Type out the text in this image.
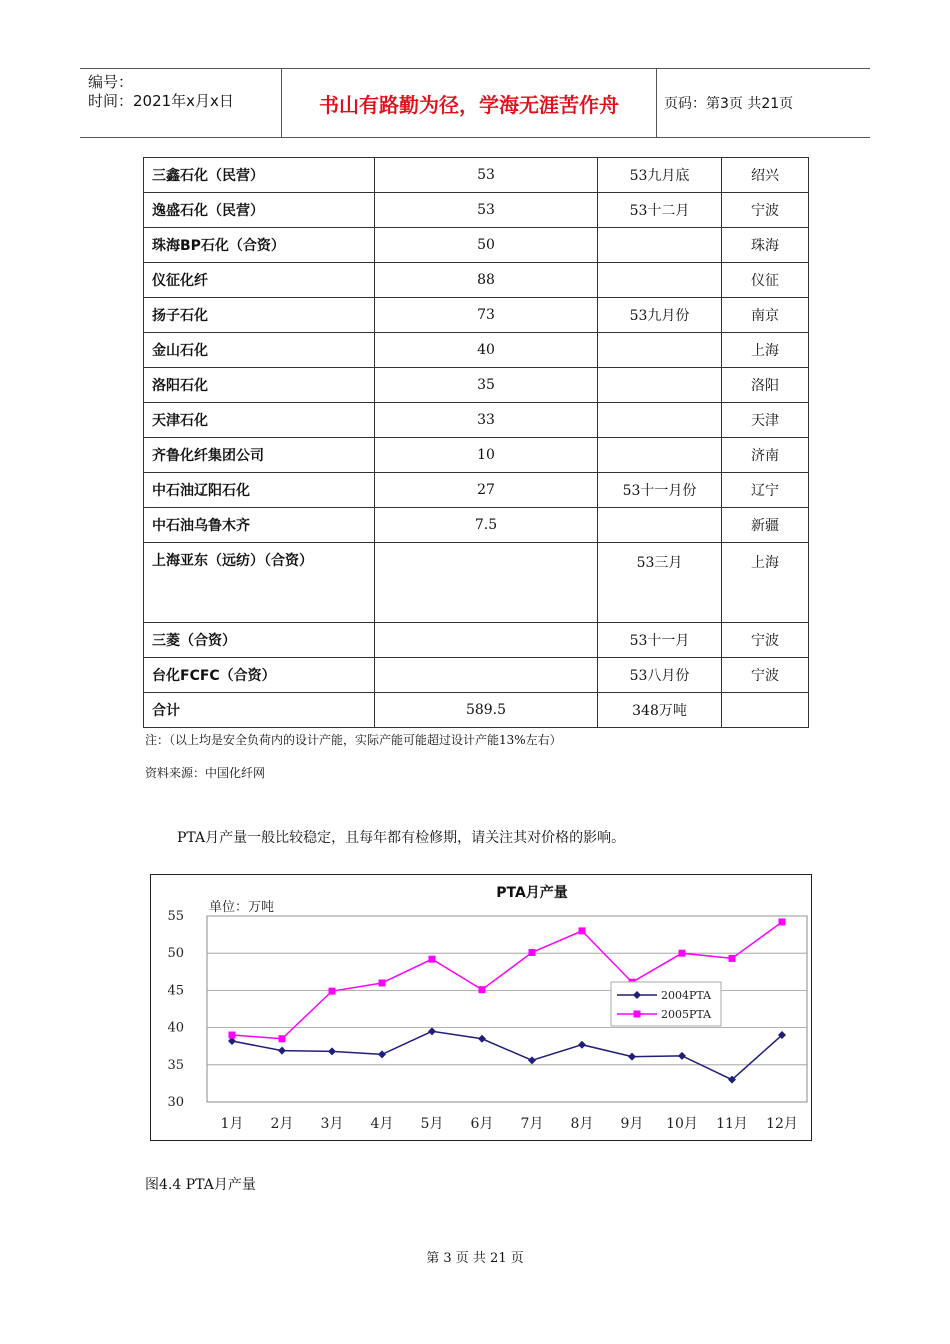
编号：
时间：2021年x月x日	书山有路勤为径，学海无涯苦作舟	页码：第3页 共21页
三鑫石化（民营）	53	53九月底	绍兴
逸盛石化（民营）	53	53十二月	宁波
珠海BP石化（合资）	50		珠海
仪征化纤	88		仪征
扬子石化	73	53九月份	南京
金山石化	40		上海
洛阳石化	35		洛阳
天津石化	33		天津
齐鲁化纤集团公司	10		济南
中石油辽阳石化	27	53十一月份	辽宁
中石油乌鲁木齐	7.5		新疆
上海亚东（远纺）（合资）		53三月	上海
三菱（合资）		53十一月	宁波
台化FCFC（合资）		53八月份	宁波
合计	589.5	348万吨	
注：（以上均是安全负荷内的设计产能，实际产能可能超过设计产能13%左右）
资料来源：中国化纤网
PTA月产量一般比较稳定，且每年都有检修期，请关注其对价格的影响。
30
35
40
45
50
55
1月 2月 3月 4月 5月 6月 7月 8月 9月 10月 11月 12月
PTA月产量
单位：万吨
2004PTA
2005PTA
图4.4 PTA月产量
第 3 页 共 21 页
